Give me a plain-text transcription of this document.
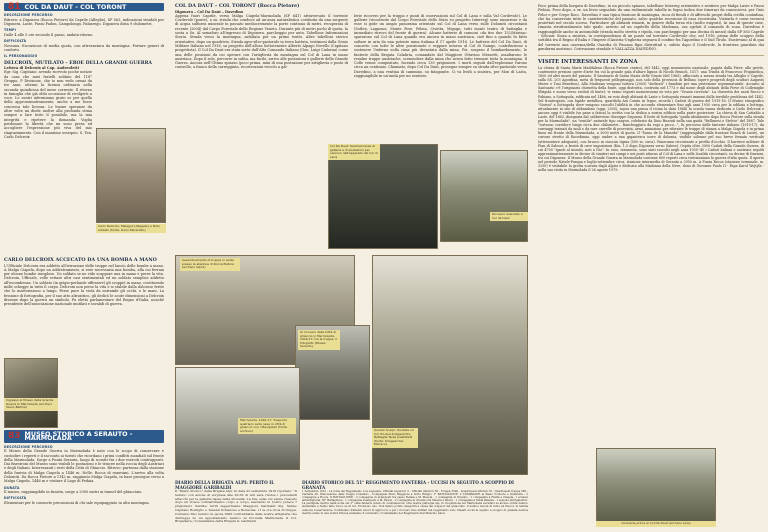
81 COL DA DAUT - COL TORONT
DESCRIZIONE PERCORSO
Ritrovo: a Digonera (Rocca Pietore) da Caprile (Alleghe), SP 563, indicazioni stradali per Digonera, Laste, Passo Padon, Campolongo, Falzarego. Digonera dista 9 chilometri.
TEMPI
Dalle 4 alle 5 ore secondo il passo, andata-ritorno.
DIFFICOLTÀ
Nessuna. Escursione di media quota, con attrezzatura da montagna. Portare generi di conforto.
IL PERSONAGGIO
DELCROIX, MUTILATO – EROE DELLA GRANDE GUERRA
Lettera di Delcroix al Cap. Andreoletti
Egr. Sig. Capitano: avendo ricevuto poche notizie da casa che miei fratelli soldato del 118° Gruppo, P Divisione, che io non vedo ormai da tre anni, ottenni la licenza ordinaria nella seconda quindicina del mese corrente. Il ritorno in famiglia che già ebbi occasione di rivolgerti a voce. Le nostri infermiamo grato se per quella della approssimativamente, anche a me fosse concessa tale licenza. Le buone speranze da altre volte mi diede inoltre alla profonda stima sempre a lare tutto il possibile, ma la mia integrità e ripetere la domanda. Voglia perdonare la libertà che mi sono presa ed accogliere l'espressione più viva del mio ringraziamento. Con il massimo ossequio. S. Ten. Carlo Delcroix
Carlo Delcroix, Malagoli (Allegato) e Noto soldato (fonte: Gorio Panarotto)
CARLO DELCROIX ACCECATO DA UNA BOMBA A MANO
L'Ufficiale Delcroix era addetto all'istruzione delle truppe nel lancio delle bombe a mano. A Malga Ciapela, dopo un addestramento, si rese necessaria una bomba, alla cui ferraia per alcune bombe inesplose. Un soldato se ne vide scappare una in mano e perse la vita. Delcroix, Ufficiale, volle evitare altri casi sentimentali ed un soldato semplice addetto all'incombenza. Un soldato (in grigio-perlande offensive) gli scoppiò in mano, costituendo mille schegge in tutto il corpo. Delcroix non perse la vita e si stabile dalla dolorose ferite che lo martoriarono a lungo. Perse pure la vista da entrambi gli occhi, e le mani. La fessione di fortografia, per il suo atto altruistico, gli dedicò le acute dimensioni a Delcroix divenne dopo la guerra un simbolo. Fu eletto parlamentare del Regno d'Italia, nonché presidente dell'associazione nazionale mutilati e invalidi di guerra.
Ingresso al Museo della Grande Guerra in Marmolada (Archivio Sauro Bellina)
83 MUSEO STORICO A SERAUTO - MARMOLADA
DESCRIZIONE PERCORSO
Il Museo della Grande Guerra in Marmolada è nato con lo scopo di conservare e custodire i reperti e il racconto ai turisti che ricordano i primi conflitti mondiali sul fronte della Marmolada. Sorge a Punta Serauta, luogo di scontri fra i due eserciti contrapposti. Dai finestroni del Museo sono visibili le postazioni e le trincee nella roccia degli Austriaci e degli Italiani. Interessanti i resti della Città di Ghiaccio. Ritrovo: partenza dalla stazione della funivia di Malga Ciapela a 1446 m. Nelle: Rocca di ennesimi. L'arrivo alla volta Dolomiti. Da Rocca Pietore a 1142 m, raggiunto Malga Ciapela, in base prosegue verso a Malga Ciapela, 1446 m e visitare il Lago di Fedaia.
DURATA
Il museo, raggiungibile in funivia, sorge a 2950 metri ai tunnel del ghiacciaio.
DIFFICOLTÀ
Elementari per le consuete precauzioni di chi sale equipaggiato in alta montagna.
COL DA DAUT – COL TORONT (Rocca Pietore)
Digonera – Col Da Daut – Davedino
Appena fuori Caprile, verso Malga Ciapela-Marmolada (SP 641) attraversato il torrente Cordevole (ponte), a sx. strada che conduce ad un'ansa naturalistica costituita da una sorgente di acqua sulfurea minerale in passato mediocremente la porte continua di metri, recuperata di recente (2004) dal Corpo Forestale dello Regione Veneto. Durante più di metri pochi di quota, la sosta a Sx. Al semaforo all'ingresso di Digonera, parcheggio per auto. Tabellone Informazioni Storia. Strada verso la montagna, asfaltata per un primo tratto. Altre tabelloni storico orientative, dopo un quadrivio. Strada agro-silvo-pastorale in terra battuta, testimoni dalla Genio Militare Italiano nel 1916, su progetto dell'allora Sottotenente Alberto Alpago Novello (Capitano progettista). Il Col Da Daut era stata sorte dall'Alto Comando Italiano (Gen. Luigi Cadorna) come una delle posizioni da cui operare con l'artiglieria da montagna sul Col di Lana in mano austriaca. Dopo il sole, percorre in salita, ma facile, arrivo alle postazioni e gallerie della Grande Guerra. Ancora nell'Ultimo spiazzo (poco prima, mini di una postazione per artiglieria e posto di controllo, a fianco della carreggiata, ricostruzioni veicolo a gal-
lerie ricovero per la truppa e punti di osservazioni sul Col di Lana e sulla Val Cordevole). Le gallerie (ricostruite dal Corpo Forestale dello Stato su progetto Interreg) sono numerose e da esse si gode un ampio panorama orientato sul Col di Lana verso sulle Dolomiti circostanti (Sotlen, Lagazuoi, Monte Pore, Pelmo, Civetta, Migogn, tutti monti teatro di battaglia e immediato ritrovo del fronte di guerra). Alcune batterie di cannoni «da tiro due 152/Marina» spararono sul Col di Lana quando era ancora in mano austriaca, cioè fino a quando fu fatto saltare in aria da una potente mina italiana il 17 aprile 1916. Le batterie del Col Da Daut, di concerto con tutte le altre posizionate e seppure intorno al Col di Gamgo, contribuirono a sostenere l'inferno sulla cima più devastata dalla mina. Poi, sospeso il bombardamento, le fanterie della Brigata Calabria, comandate dal Maggiore Ottavino Mezzetti, assaltarono le residue truppe austriache, scenendere dalla mina che aveva fatto tremare tutta la montagna. Il Colle venne conquistato, facendo circa 130 prigionieri. I morti seguiti dall'esplosione furono circa un centinaio. Chiamato, dopo Col Da Daut, prosegue sempre su strada silvo-pastorale verso Davedino, a una ventina di cammino, su fatagonite. Ci va lividi a sinistra, per Mon di Lasta, raggiungibile in un'unità per un sentiero.
Col Da Daut: testimonianze di gallerie e di postazioni per cannoni dell'apparato del Col di Lana
Ricovero avanzato a Col da Daut
Assembramento di truppe in sosta presso la stazione di Rocca Pietore (archivio Alpini)
Al ricovero della Città di ghiaccio in Marmolada, 1916-17: tra le truppe, il fotografo (Museo Serauto)
Marmolada, 1916-17: Trasporto austriaco sulla neve in città di ghiaccio con i Manipolari (fonte archivio)	Questo Scarpi: Quotata un Col di Lana Kriegsarchiv, Battaglia Terza Josefstadt (fonte: Kriegsarchiv Monaco)
DIARIO DELLA BRIGATA ALPI: PERITO IL MAGGIORE GARIBALDI
Il "Diario Storico" della Brigata Alpi: In data 25 settembre 1916 riportato: "Il nemico con azione di sorpresa alle 20.30 di ieri sera rivolse i precedenti attacchi per le gallerie basse della Povuella. La Via, sulle cui venne riuscato dopo un vivace combattimento corpo a corpo, lasciando in nostro potere 7 prigionieri. Perdite: feriti leggermente Maggiore Garibaldi Sig. Sante; Capitano Bonfiglio e Tenenti Schiavone e Bonacina. 11 le ore circa di truppa. Contenzo fino nemico in quota 3000 contrabbatte dalle nostre artiglierie che distrugge no un appostamento nemico su Povuella Marmolada. Il Col. Brigadiere / Comandante della Brigata G. Garibaldi
DIARIO STORICO DEL 51° REGGIMENTO FANTERIA - UCCISI IN SEGUITO A SCOPPIO DI GRANATA
1 Settembre 1915 - La forza del Reggimento è la seguente: Ufficiali superiori 3 - Ufficiali inferiori 56 - Truppa 3590 - Quadrupedi ufficiali 18 - Quadrupedi truppa 366 - Carrette 30. Dislocazione delle truppe Comando - Compagnie Stato Maggiore a Sotto Rifugio. I° BATTAGLIONE: 2 COMPAGNIE ai Passo Contorie e Ombretta - 2 compagnie a Rocca. II BATTAGLIONE - 2 compagnie in avamposti tra passo Fedaia e M. Mesola - 1 compagnia di rincalzo - 1 compagnia a Fratta e Ciapela - I scienze antiartiglieria. III° Battaglione - 1 compagnia avamposti a M. Padon - 2 compagnie in rincalzo fra Mesola e Padon - 1 compagnia a Tabia Palazza - 1 sezione mitragliatrici. La partigiale inoltre nella notte sul 2° sulla fanterie notato di considerevole. Una nostra pattuglia alp. in ricognizione sul Marmolada avvistavi su alcune ordini nemico aumentate a Tanno fatto fuoco su di noi. Erondono uno. Non hanno potuto inseguirli a causa dei crepacci del ghiacciaio. Il nemico lavora di notte ad Pescol, la nebbia ostacola l'osservazione. Continuano frattanto lavori di approccio e per i ricoveri. Due militari del reggimento sono rimasti uccisi in seguito a scoppio di granata nemica mentre erano in una nostra trincea avanzata. Il colonnello / Comandante del Reggimento Dal Mancino Amos
Poco prima della borgata di Davedino, in un piccolo spiazzo, tabellone Interreg orientativo e sentiero per Malga Laste e Passo Fedaia. Poco dopo, a sx. un bivio segnalato da una rudimentale tabella in legno indica due itinerari da conosciersi: per Onis Pelor e per Crepe Rocc. Davedino è una tipica frazione di montagna, ricca di fienili e di affreschi propri della civiltà contadina, che ha conservato tutte le caratteristiche del passato, salvo qualche recezione di casa ricostruita. Visitarla è come trovarsi proiettati nel secolo scorso. Particolare gli abitanti rimasti, in genere della terza età (molto esigrati). In una di queste case, rimasta strutturalmente tale quale, arresto ad un capitello della Madonna, ora sgelati il comando di zona. Davedino è raggiungibile anche in automobile (strada molto stretta e ripida, con parcheggio per una decina di mezzi) dalla SP 563 Caprile - Selciair. Sinza a sinistra, in corrispondenza di un ponte sul torrente Cordevole che, nel 1916, prima delle scoppio della sottilità tra il Regno d'Italia e l'Impero d'Austria-Ungheria segnava il confine fra l'Agordino e il Sud Tirolo. Esistevano al di qua del torrente una caserma/della Guardia di Finanza figoi distruttad e, subito dopo il Cordevole, la frontiera guardata dai gendarmi austriaci. Costruzione stradale è VALLAZZA DAVEDINO.
VISITE INTERESSANTI IN ZONA
La chiesa di Santa Maria Maddalena (Rocca Pietore centro), del 1442, oggi monumento nazionale, pagata dalla Pieve, alle grotte, contenente preziosi opere d'arte fra cui la grande pala d'altare lignea di Nicolò Brunch, 1517: una Trinità di Francesco Frigimelica, 1600 ed altri monti del passato. Il Santuario di Santa Maria delle Grazie (del 1965), affacciato a mezza strada tra Alleghe e Caprile, sulla SS. 203 Agordina, meta di frequenti pellegrinaggi, non solo della provincia di Belluno (opere progredi degli scultori Augusto Murer e Toni Benetton). Alla Madonna vengono tuttora (2005) "dedicati" i bambini per una protezione soprannaturale. Accanto al Santuario c'è l'originario chiesetta della fonte, oggi distrutta, costruita nel 1773 e dal nome degli abitanti della Pieve di Collemighe (Brigola e ssono verso esoluti di fonte): vi erano esposti numerossimi ex voto per "Grazia ricevuta". La chiesetta dei santi Rocco e Fabiano, a Sottoguda, edificata nel 1486, ex voto degli abitanti di Laste e Sottoguda rimasti immuni dalla terribile pestilenza del 1442. Sul frontespizio, con lapide metallica, guardiola Ani Comin in legno, ricorda i Caduti di guerra del 1915-18. Il Museo etnografico "Siorini" a Sottoguda dove vengono raccolti l'abilità in che accendo elementare fino agli anni 1930 circa per la edilizia a bottega, attualmente in sito di abbandono (oggi, 2005), sopra una pensa il ricina la data 1884) la scuola vanna dedicata a Carlo Delcroix e ancora oggi è visibile (su pane a fatica) la scritta con la dedica a nostra edificio nella parte posteriore. La chiesa di San Cattaldo a Laste, del 1863, disegnata dal calibrevisso Giuseppe Segusini. Il forte di Sottoguda "guida idealmente dopo Rocca Pietore sulla strada per la Marmolada", un "sentile" naturale tipo canyon, celebrato da Dino Buzzati nella sua guida "Bellunesi e Stelvio" del 1887. Tale "tortuoso corridore lungo circa due chilometri... fiancheggiato da rupi a picco...", fu percorso dalle fanterie italiane (1915-17), da carriaggi trainati da muli e da rare carrelle di provvista, armi, munizioni per rifornire le truppe di stanza a Malga Ciapela e in prima linea sul fronte della Marmolada, a 3000 metri di quota. Il "Sasso de la Muneda" (raggiungibile dalla frazione Ronch di Laste), un curioso stretto di Rocedimas, oggi ombre a una gigantesca torre di dolomia, visibile solenne pel suo breve frenato verticale (attrezzature adeguate), con brucco in ciascun tignia (500 m. circa). Panorama circostante a profilo d'occhio. Il barriere militare di Pian di Salesei, a fronte di cave imposizioni (Km. 1,5 dopo Digonera verso Salese). Ospita oltre 3000 Caduti della Grande Guerra, di cui 4700 "ignoti al mondo, noti a Dio". In esso, trasmessi, sono stati raccolti negli anni 1930-'40 i Caduti italiani e austriaci sepolti approssimativamente in decine di cimiteri nei campi e nei posti attorno al Col di Lana e nelle località circostanti, su decine di frazioni, tra cui Digonera. Il Museo della Grande Guerra in Marmolada contiene 800 reperti circa testimoniano la guerra d'alta quota. Il aperto nel periodo Natale-Pasqua e luglio-settembre circa, stazione intermedia di Serauta a 2950 m. A Punta Rocca (stazione terminale, m. 3250) è visitabile la grotta scavata dagli Alpini e dedicata alla Madonna della Neve, dono di Giovanni Paolo II - Papa Karol Wojtyla - nella sua visita in Marmolada il 26 agosto 1979.
Cosmerie prime ai Col Da Daut (Archivio Loss)
